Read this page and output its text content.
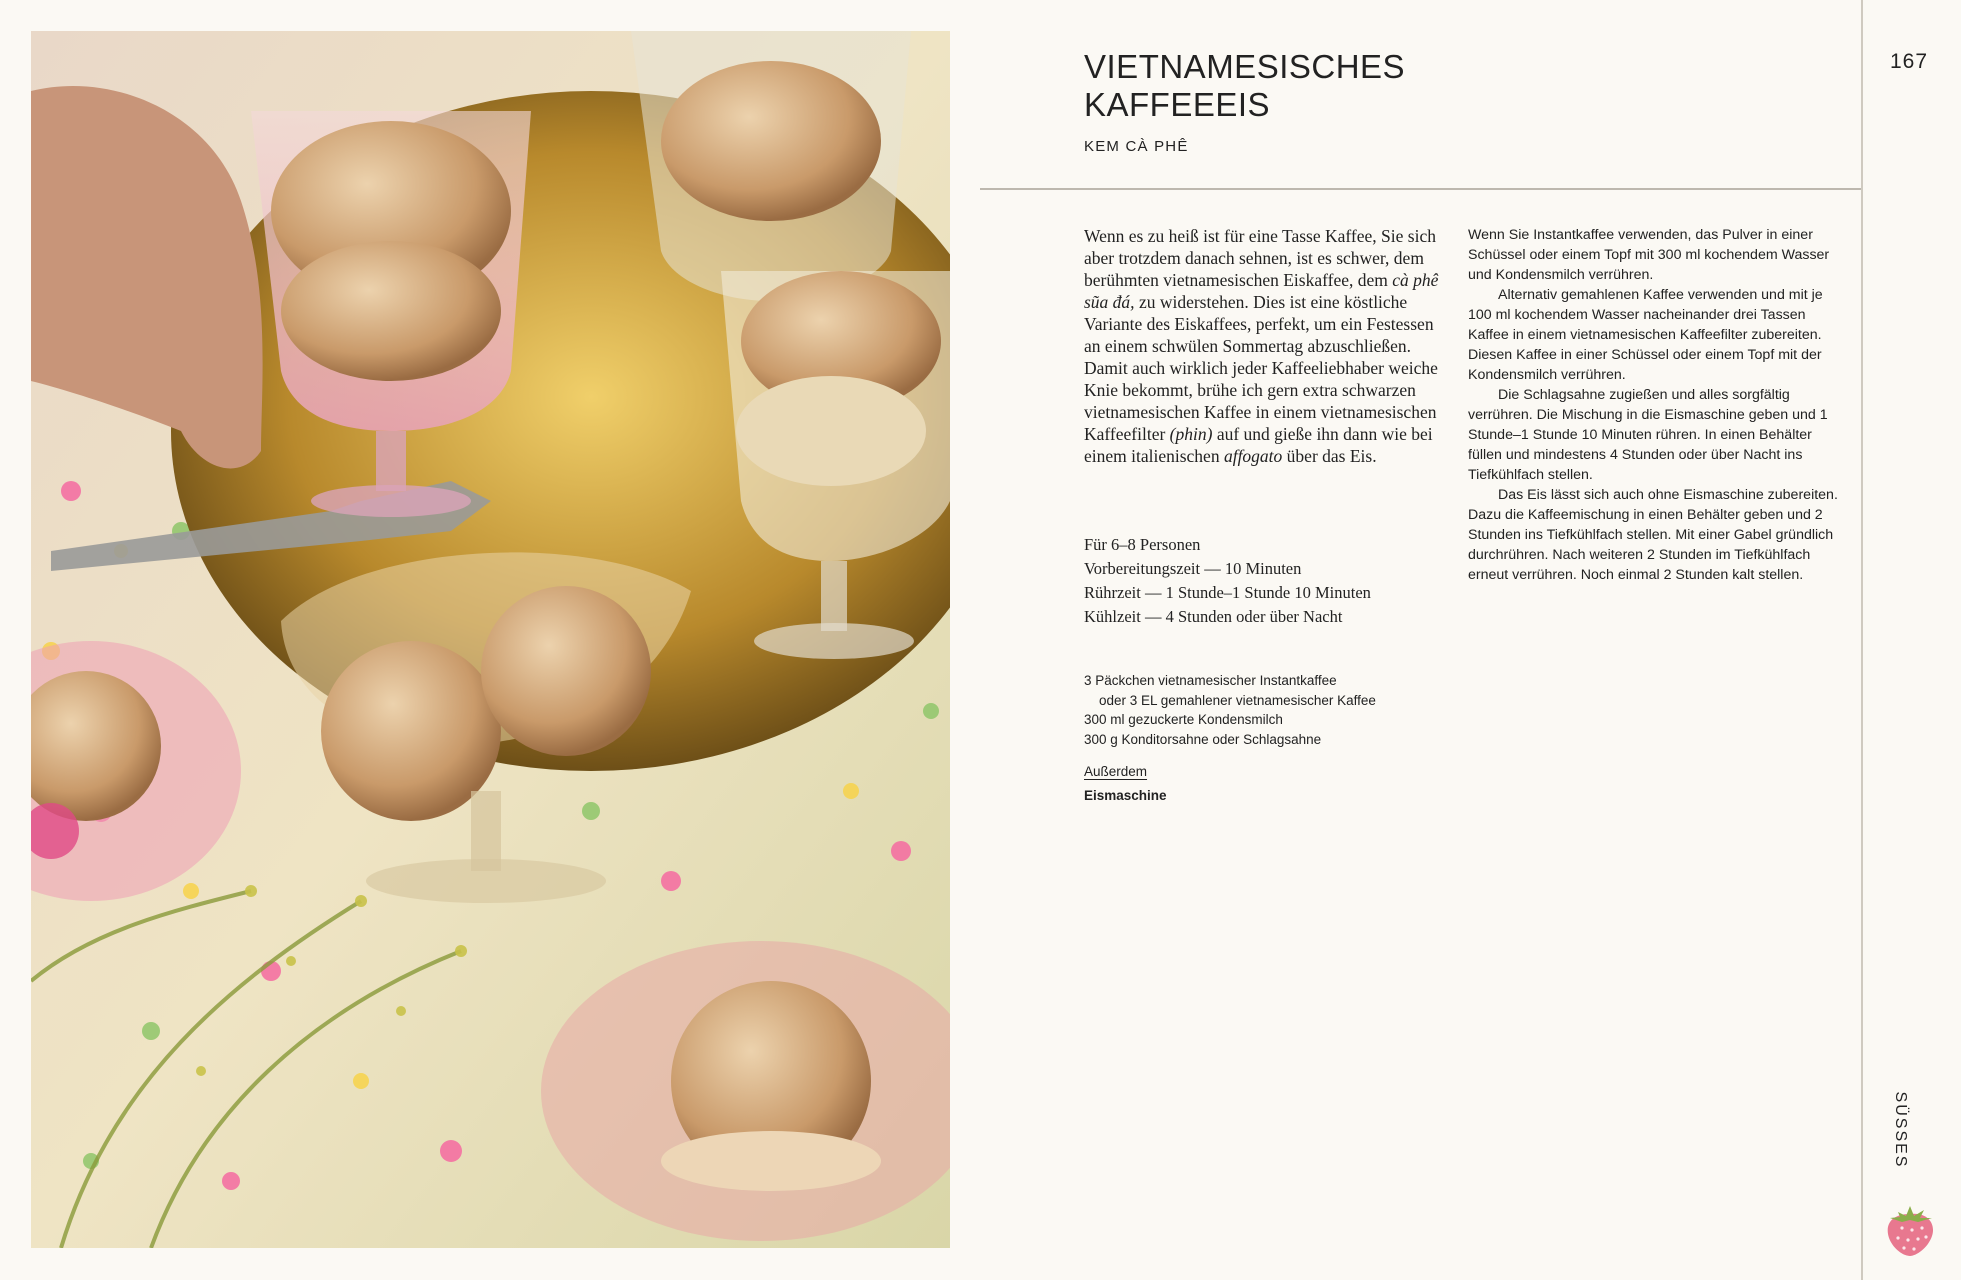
167
VIETNAMESISCHES
KAFFEEEIS
KEM CÀ PHÊ
Wenn es zu heiß ist für eine Tasse Kaffee, Sie sich aber trotzdem danach sehnen, ist es schwer, dem berühmten vietnamesischen Eiskaffee, dem cà phê sũa đá, zu widerstehen. Dies ist eine köstliche Variante des Eiskaffees, perfekt, um ein Festessen an einem schwülen Sommertag abzuschließen. Damit auch wirklich jeder Kaffeeliebhaber weiche Knie bekommt, brühe ich gern extra schwarzen vietnamesischen Kaffee in einem vietnamesischen Kaffeefilter (phin) auf und gieße ihn dann wie bei einem italienischen affogato über das Eis.
Für 6–8 Personen
Vorbereitungszeit — 10 Minuten
Rührzeit — 1 Stunde–1 Stunde 10 Minuten
Kühlzeit — 4 Stunden oder über Nacht
3 Päckchen vietnamesischer Instantkaffee
oder 3 EL gemahlener vietnamesischer Kaffee
300 ml gezuckerte Kondensmilch
300 g Konditorsahne oder Schlagsahne
Außerdem
Eismaschine

Wenn Sie Instantkaffee verwenden, das Pulver in einer Schüssel oder einem Topf mit 300 ml kochendem Wasser und Kondensmilch verrühren.

Alternativ gemahlenen Kaffee verwenden und mit je 100 ml kochendem Wasser nacheinander drei Tassen Kaffee in einem vietnamesischen Kaffeefilter zubereiten. Diesen Kaffee in einer Schüssel oder einem Topf mit der Kondensmilch verrühren.

Die Schlagsahne zugießen und alles sorgfältig verrühren. Die Mischung in die Eismaschine geben und 1 Stunde–1 Stunde 10 Minuten rühren. In einen Behälter füllen und mindestens 4 Stunden oder über Nacht ins Tiefkühlfach stellen.

Das Eis lässt sich auch ohne Eismaschine zubereiten. Dazu die Kaffeemischung in einen Behälter geben und 2 Stunden ins Tiefkühlfach stellen. Mit einer Gabel gründlich durchrühren. Nach weiteren 2 Stunden im Tiefkühlfach erneut verrühren. Noch einmal 2 Stunden kalt stellen.

SÜSSES
